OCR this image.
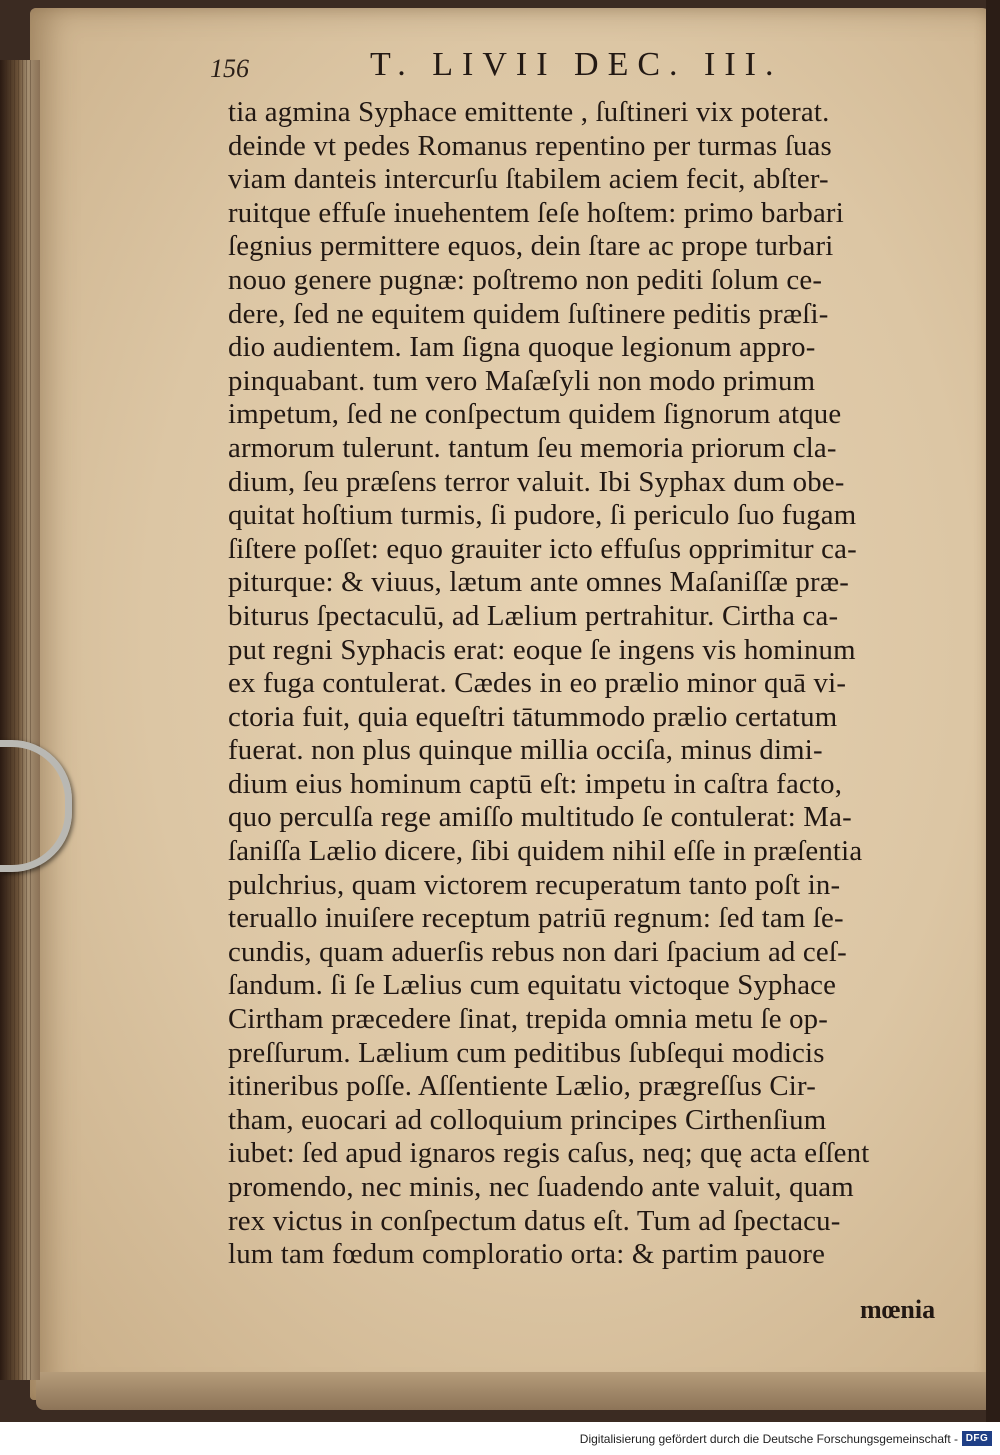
156	T. LIVII DEC. III.
tia agmina Syphace emittente , ſuſtineri vix poterat.
deinde vt pedes Romanus repentino per turmas ſuas
viam danteis intercurſu ſtabilem aciem fecit, abſter-
ruitque effuſe inuehentem ſeſe hoſtem: primo barbari
ſegnius permittere equos, dein ſtare ac prope turbari
nouo genere pugnæ: poſtremo non pediti ſolum ce-
dere, ſed ne equitem quidem ſuſtinere peditis præſi-
dio audientem. Iam ſigna quoque legionum appro-
pinquabant. tum vero Maſæſyli non modo primum
impetum, ſed ne conſpectum quidem ſignorum atque
armorum tulerunt. tantum ſeu memoria priorum cla-
dium, ſeu præſens terror valuit. Ibi Syphax dum obe-
quitat hoſtium turmis, ſi pudore, ſi periculo ſuo fugam
ſiſtere poſſet: equo grauiter icto effuſus opprimitur ca-
piturque: & viuus, lætum ante omnes Maſaniſſæ præ-
biturus ſpectaculū, ad Lælium pertrahitur. Cirtha ca-
put regni Syphacis erat: eoque ſe ingens vis hominum
ex fuga contulerat. Cædes in eo prælio minor quā vi-
ctoria fuit, quia equeſtri tātummodo prælio certatum
fuerat. non plus quinque millia occiſa, minus dimi-
dium eius hominum captū eſt: impetu in caſtra facto,
quo perculſa rege amiſſo multitudo ſe contulerat: Ma-
ſaniſſa Lælio dicere, ſibi quidem nihil eſſe in præſentia
pulchrius, quam victorem recuperatum tanto poſt in-
teruallo inuiſere receptum patriū regnum: ſed tam ſe-
cundis, quam aduerſis rebus non dari ſpacium ad ceſ-
ſandum. ſi ſe Lælius cum equitatu victoque Syphace
Cirtham præcedere ſinat, trepida omnia metu ſe op-
preſſurum. Lælium cum peditibus ſubſequi modicis
itineribus poſſe. Aſſentiente Lælio, prægreſſus Cir-
tham, euocari ad colloquium principes Cirthenſium
iubet: ſed apud ignaros regis caſus, neq; quę acta eſſent
promendo, nec minis, nec ſuadendo ante valuit, quam
rex victus in conſpectum datus eſt. Tum ad ſpectacu-
lum tam fœdum comploratio orta: & partim pauore
mœnia
Digitalisierung gefördert durch die Deutsche Forschungsgemeinschaft - DFG
